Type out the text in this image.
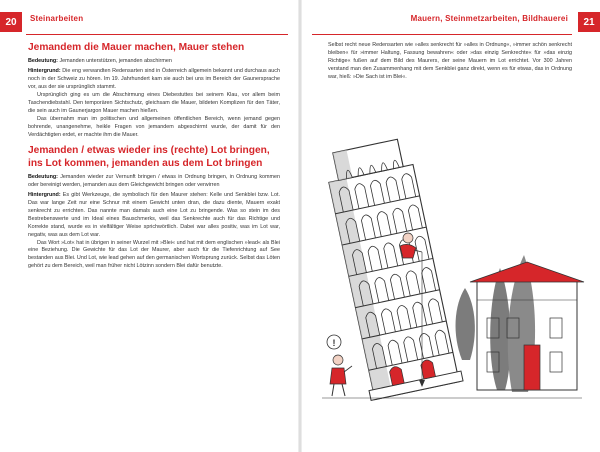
20	Steinarbeiten
Jemandem die Mauer machen, Mauer stehen

Bedeutung: Jemanden unterstützen, jemanden abschirmen

Hintergrund: Die eng verwandten Redensarten sind in Österreich allgemein bekannt und durchaus auch noch in der Schweiz zu hören. Im 19. Jahrhundert kam sie auch bei uns im Bereich der Gaunersprache vor, aus der sie ursprünglich stammt.

Ursprünglich ging es um die Abschirmung eines Diebestuttes bei seinem Klau, vor allem beim Taschendiebstahl. Den temporären Sichtschutz, gleichsam die Mauer, bildeten Komplizen für den Täter, die sein auch im Gaunerjargon Mauer machen hießen.

Das übernahm man im politischen und allgemeinen öffentlichen Bereich, wenn jemand gegen bohrende, unangenehme, heikle Fragen von jemandem abgeschirmt wurde, der damit für den Verdächtigten erdet, er machte ihm die Mauer.

Jemanden / etwas wieder ins (rechte) Lot bringen, ins Lot kommen, jemanden aus dem Lot bringen

Bedeutung: Jemanden wieder zur Vernunft bringen / etwas in Ordnung bringen, in Ordnung kommen oder bereinigt werden, jemanden aus dem Gleichgewicht bringen oder verwirren

Hintergrund: Es gibt Werkzeuge, die symbolisch für den Maurer stehen: Kelle und Senkblei bzw. Lot. Das war lange Zeit nur eine Schnur mit einem Gewicht unten dran, die dazu diente, Mauern exakt senkrecht zu errichten. Das nannte man damals auch eine Lot zu bringende. Was so stein im des Bestrebenswerte und im Ideal eines Bauschmerks, weil das Senkrechte auch für das Richtige und Korrekte stand, wurde es in vielfältiger Weise sprichwörtlich. Dabei war alles positiv, was im Lot war, negativ, was aus dem Lot war.

Das Wort »Lot« hat in übrigen in seiner Wurzel mit »Blei« und hat mit dem englischen »lead« als Blei eine Beziehung. Die Gewichte für das Lot der Maurer, aber auch für die Tiefenrichtung auf See bestanden aus Blei. Und Lot, wie lead gehen auf den germanischen Wortsprung zurück. Selbst das Löten gehört zu dem Bereich, weil man früher nicht Lötzinn sondern Blei dafür benutzte.

Mauern, Steinmetzarbeiten, Bildhauerei	21

Selbst recht neue Redensarten wie »alles senkrecht für »alles in Ordnung«, »immer schön senkrecht bleiben« für »immer Haltung, Fassung bewahren« oder »das einzig Senkrechte« für »das einzig Richtige« fußen auf dem Bild des Maurers, der seine Mauern im Lot errichtet. Vor 300 Jahren verstand man den Zusammenhang mit dem Senkblei ganz direkt, wenn es für etwas, das in Ordnung war, hieß: »Die Sach ist im Blei«.

!
